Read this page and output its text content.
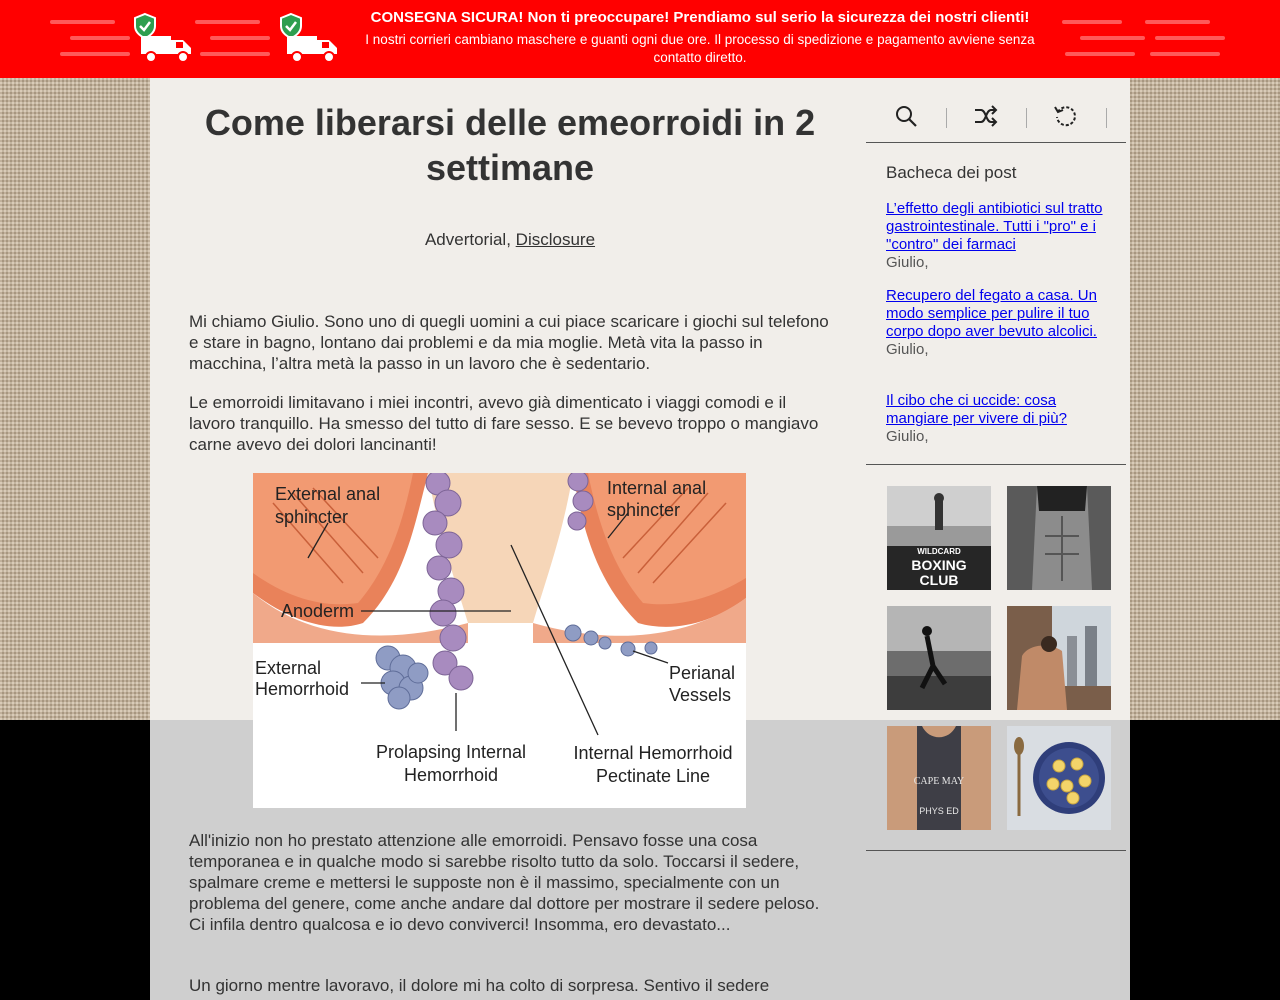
CONSEGNA SICURA! Non ti preoccupare! Prendiamo sul serio la sicurezza dei nostri clienti!
I nostri corrieri cambiano maschere e guanti ogni due ore. Il processo di spedizione e pagamento avviene senza contatto diretto.
Come liberarsi delle emeorroidi in 2 settimane
Advertorial, Disclosure

Mi chiamo Giulio. Sono uno di quegli uomini a cui piace scaricare i giochi sul telefono e stare in bagno, lontano dai problemi e da mia moglie. Metà vita la passo in macchina, l’altra metà la passo in un lavoro che è sedentario.

Le emorroidi limitavano i miei incontri, avevo già dimenticato i viaggi comodi e il lavoro tranquillo. Ha smesso del tutto di fare sesso. E se bevevo troppo o mangiavo carne avevo dei dolori lancinanti!

External anal
sphincter
Internal anal
sphincter
Anoderm
External
Hemorrhoid
Perianal
Vessels
Prolapsing Internal
Hemorrhoid
Internal Hemorrhoid
Pectinate Line

All'inizio non ho prestato attenzione alle emorroidi. Pensavo fosse una cosa temporanea e in qualche modo si sarebbe risolto tutto da solo. Toccarsi il sedere, spalmare creme e mettersi le supposte non è il massimo, specialmente con un problema del genere, come anche andare dal dottore per mostrare il sedere peloso. Ci infila dentro qualcosa e io devo conviverci! Insomma, ero devastato...

Un giorno mentre lavoravo, il dolore mi ha colto di sorpresa. Sentivo il sedere

Bacheca dei post
L’effetto degli antibiotici sul tratto gastrointestinale. Tutti i "pro" e i "contro" dei farmaci
Giulio,
Recupero del fegato a casa. Un modo semplice per pulire il tuo corpo dopo aver bevuto alcolici.
Giulio,
Il cibo che ci uccide: cosa mangiare per vivere di più?
Giulio,
WILDCARD
BOXING
CLUB
CAPE MAY
PHYS ED
